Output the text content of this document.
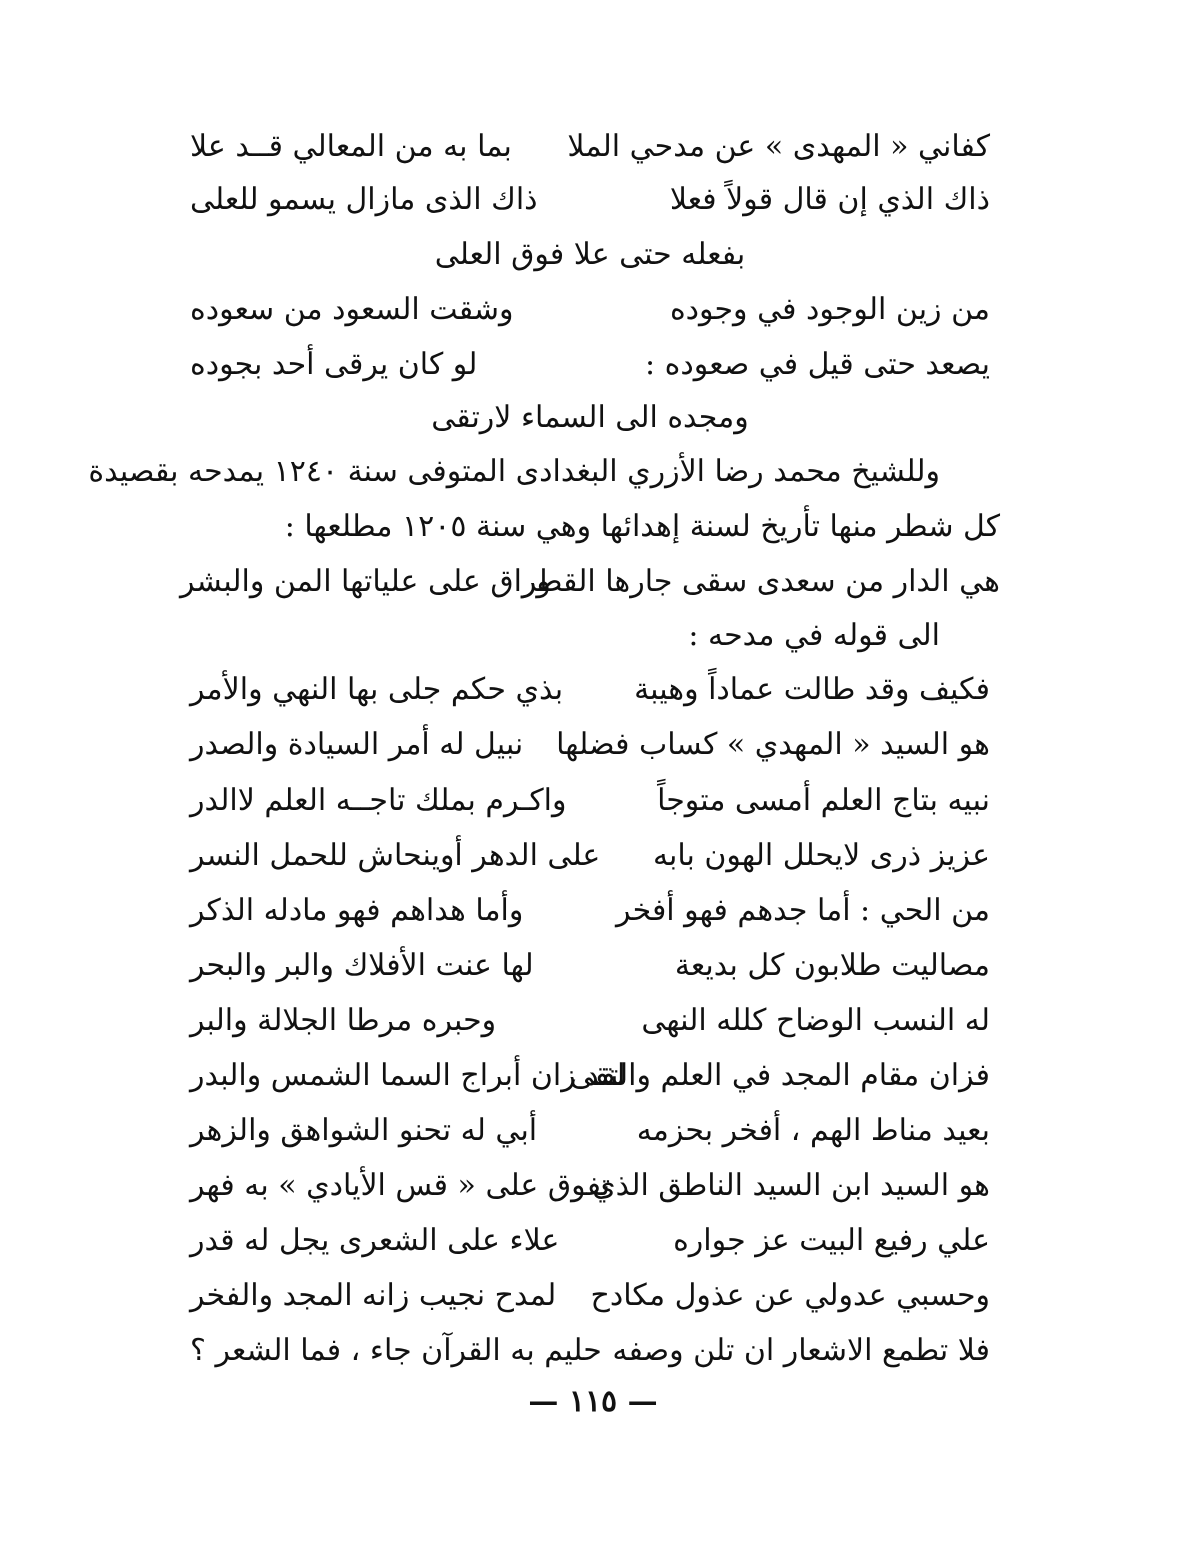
كفاني « المهدى » عن مدحي الملا
بما به من المعالي قــد علا
ذاك الذي إن قال قولاً فعلا
ذاك الذى مازال يسمو للعلى
بفعله حتى علا فوق العلى
من زين الوجود في وجوده
وشقت السعود من سعوده
يصعد حتى قيل في صعوده :
لو كان يرقى أحد بجوده
ومجده الى السماء لارتقى
وللشيخ محمد رضا الأزري البغدادى المتوفى سنة ١٢٤٠ يمدحه بقصيدة
كل شطر منها تأريخ لسنة إهدائها وهي سنة ١٢٠٥ مطلعها :
هي الدار من سعدى سقى جارها القطر
وراق على علياتها المن والبشر
الى قوله في مدحه :
فكيف وقد طالت عماداً وهيبة
بذي حكم جلى بها النهي والأمر
هو السيد « المهدي » كساب فضلها
نبيل له أمر السيادة والصدر
نبيه بتاج العلم أمسى متوجاً
واكـرم بملك تاجــه العلم لاالدر
عزيز ذرى لايحلل الهون بابه
على الدهر أوينحاش للحمل النسر
من الحي : أما جدهم فهو أفخر
وأما هداهم فهو مادله الذكر
مصاليت طلابون كل بديعة
لها عنت الأفلاك والبر والبحر
له النسب الوضاح كلله النهى
وحبره مرطا الجلالة والبر
فزان مقام المجد في العلم والتقى
لقد زان أبراج السما الشمس والبدر
بعيد مناط الهم ، أفخر بحزمه
أبي له تحنو الشواهق والزهر
هو السيد ابن السيد الناطق الذي
تفوق على « قس الأيادي » به فهر
علي رفيع البيت عز جواره
علاء على الشعرى يجل له قدر
وحسبي عدولي عن عذول مكادح
لمدح نجيب زانه المجد والفخر
فلا تطمع الاشعار ان تلن وصفه
حليم به القرآن جاء ، فما الشعر ؟
— ١١٥ —
